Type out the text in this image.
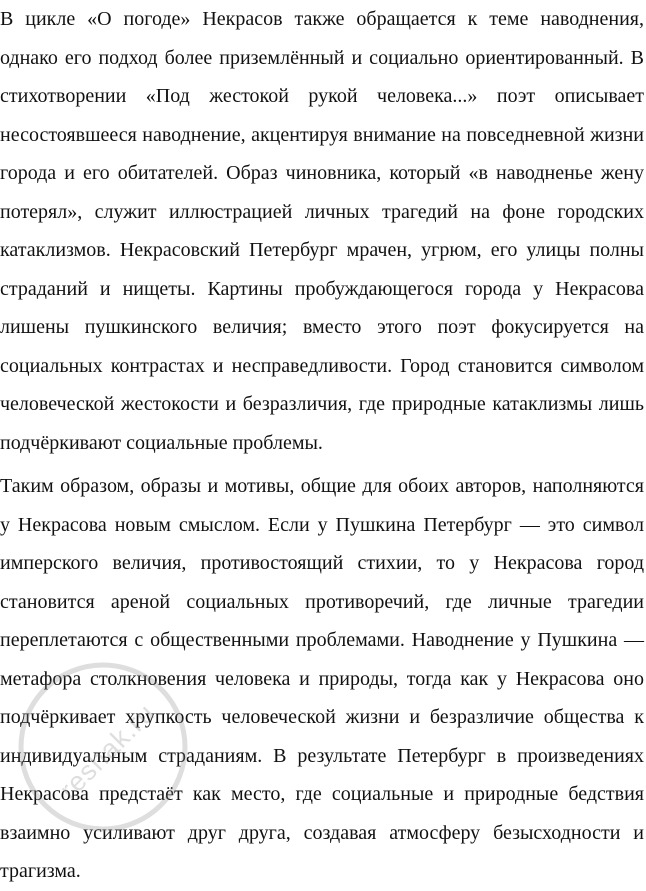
В цикле «О погоде» Некрасов также обращается к теме наводнения, однако его подход более приземлённый и социально ориентированный. В стихотворении «Под жестокой рукой человека...» поэт описывает несостоявшееся наводнение, акцентируя внимание на повседневной жизни города и его обитателей. Образ чиновника, который «в наводненье жену потерял», служит иллюстрацией личных трагедий на фоне городских катаклизмов. Некрасовский Петербург мрачен, угрюм, его улицы полны страданий и нищеты. Картины пробуждающегося города у Некрасова лишены пушкинского величия; вместо этого поэт фокусируется на социальных контрастах и несправедливости. Город становится символом человеческой жестокости и безразличия, где природные катаклизмы лишь подчёркивают социальные проблемы.

Таким образом, образы и мотивы, общие для обоих авторов, наполняются у Некрасова новым смыслом. Если у Пушкина Петербург — это символ имперского величия, противостоящий стихии, то у Некрасова город становится ареной социальных противоречий, где личные трагедии переплетаются с общественными проблемами. Наводнение у Пушкина — метафора столкновения человека и природы, тогда как у Некрасова оно подчёркивает хрупкость человеческой жизни и безразличие общества к индивидуальным страданиям. В результате Петербург в произведениях Некрасова предстаёт как место, где социальные и природные бедствия взаимно усиливают друг друга, создавая атмосферу безысходности и трагизма.

reshak.ru
